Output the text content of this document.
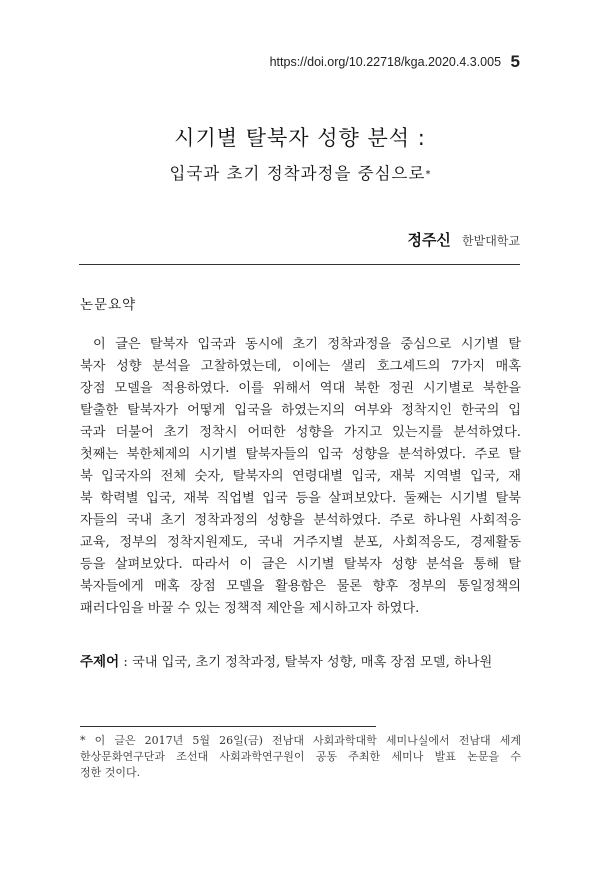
https://doi.org/10.22718/kga.2020.4.3.005 5
시기별 탈북자 성향 분석 :
입국과 초기 정착과정을 중심으로*
정주신 한밭대학교
논문요약
이 글은 탈북자 입국과 동시에 초기 정착과정을 중심으로 시기별 탈
북자 성향 분석을 고찰하였는데, 이에는 샐리 호그셰드의 7가지 매혹
장점 모델을 적용하였다. 이를 위해서 역대 북한 정권 시기별로 북한을
탈출한 탈북자가 어떻게 입국을 하였는지의 여부와 정착지인 한국의 입
국과 더불어 초기 정착시 어떠한 성향을 가지고 있는지를 분석하였다.
첫째는 북한체제의 시기별 탈북자들의 입국 성향을 분석하였다. 주로 탈
북 입국자의 전체 숫자, 탈북자의 연령대별 입국, 재북 지역별 입국, 재
북 학력별 입국, 재북 직업별 입국 등을 살펴보았다. 둘째는 시기별 탈북
자들의 국내 초기 정착과정의 성향을 분석하였다. 주로 하나원 사회적응
교육, 정부의 정착지원제도, 국내 거주지별 분포, 사회적응도, 경제활동
등을 살펴보았다. 따라서 이 글은 시기별 탈북자 성향 분석을 통해 탈
북자들에게 매혹 장점 모델을 활용함은 물론 향후 정부의 통일정책의
패러다임을 바꿀 수 있는 정책적 제안을 제시하고자 하였다.
주제어 : 국내 입국, 초기 정착과정, 탈북자 성향, 매혹 장점 모델, 하나원
* 이 글은 2017년 5월 26일(금) 전남대 사회과학대학 세미나실에서 전남대 세계
한상문화연구단과 조선대 사회과학연구원이 공동 주최한 세미나 발표 논문을 수
정한 것이다.
